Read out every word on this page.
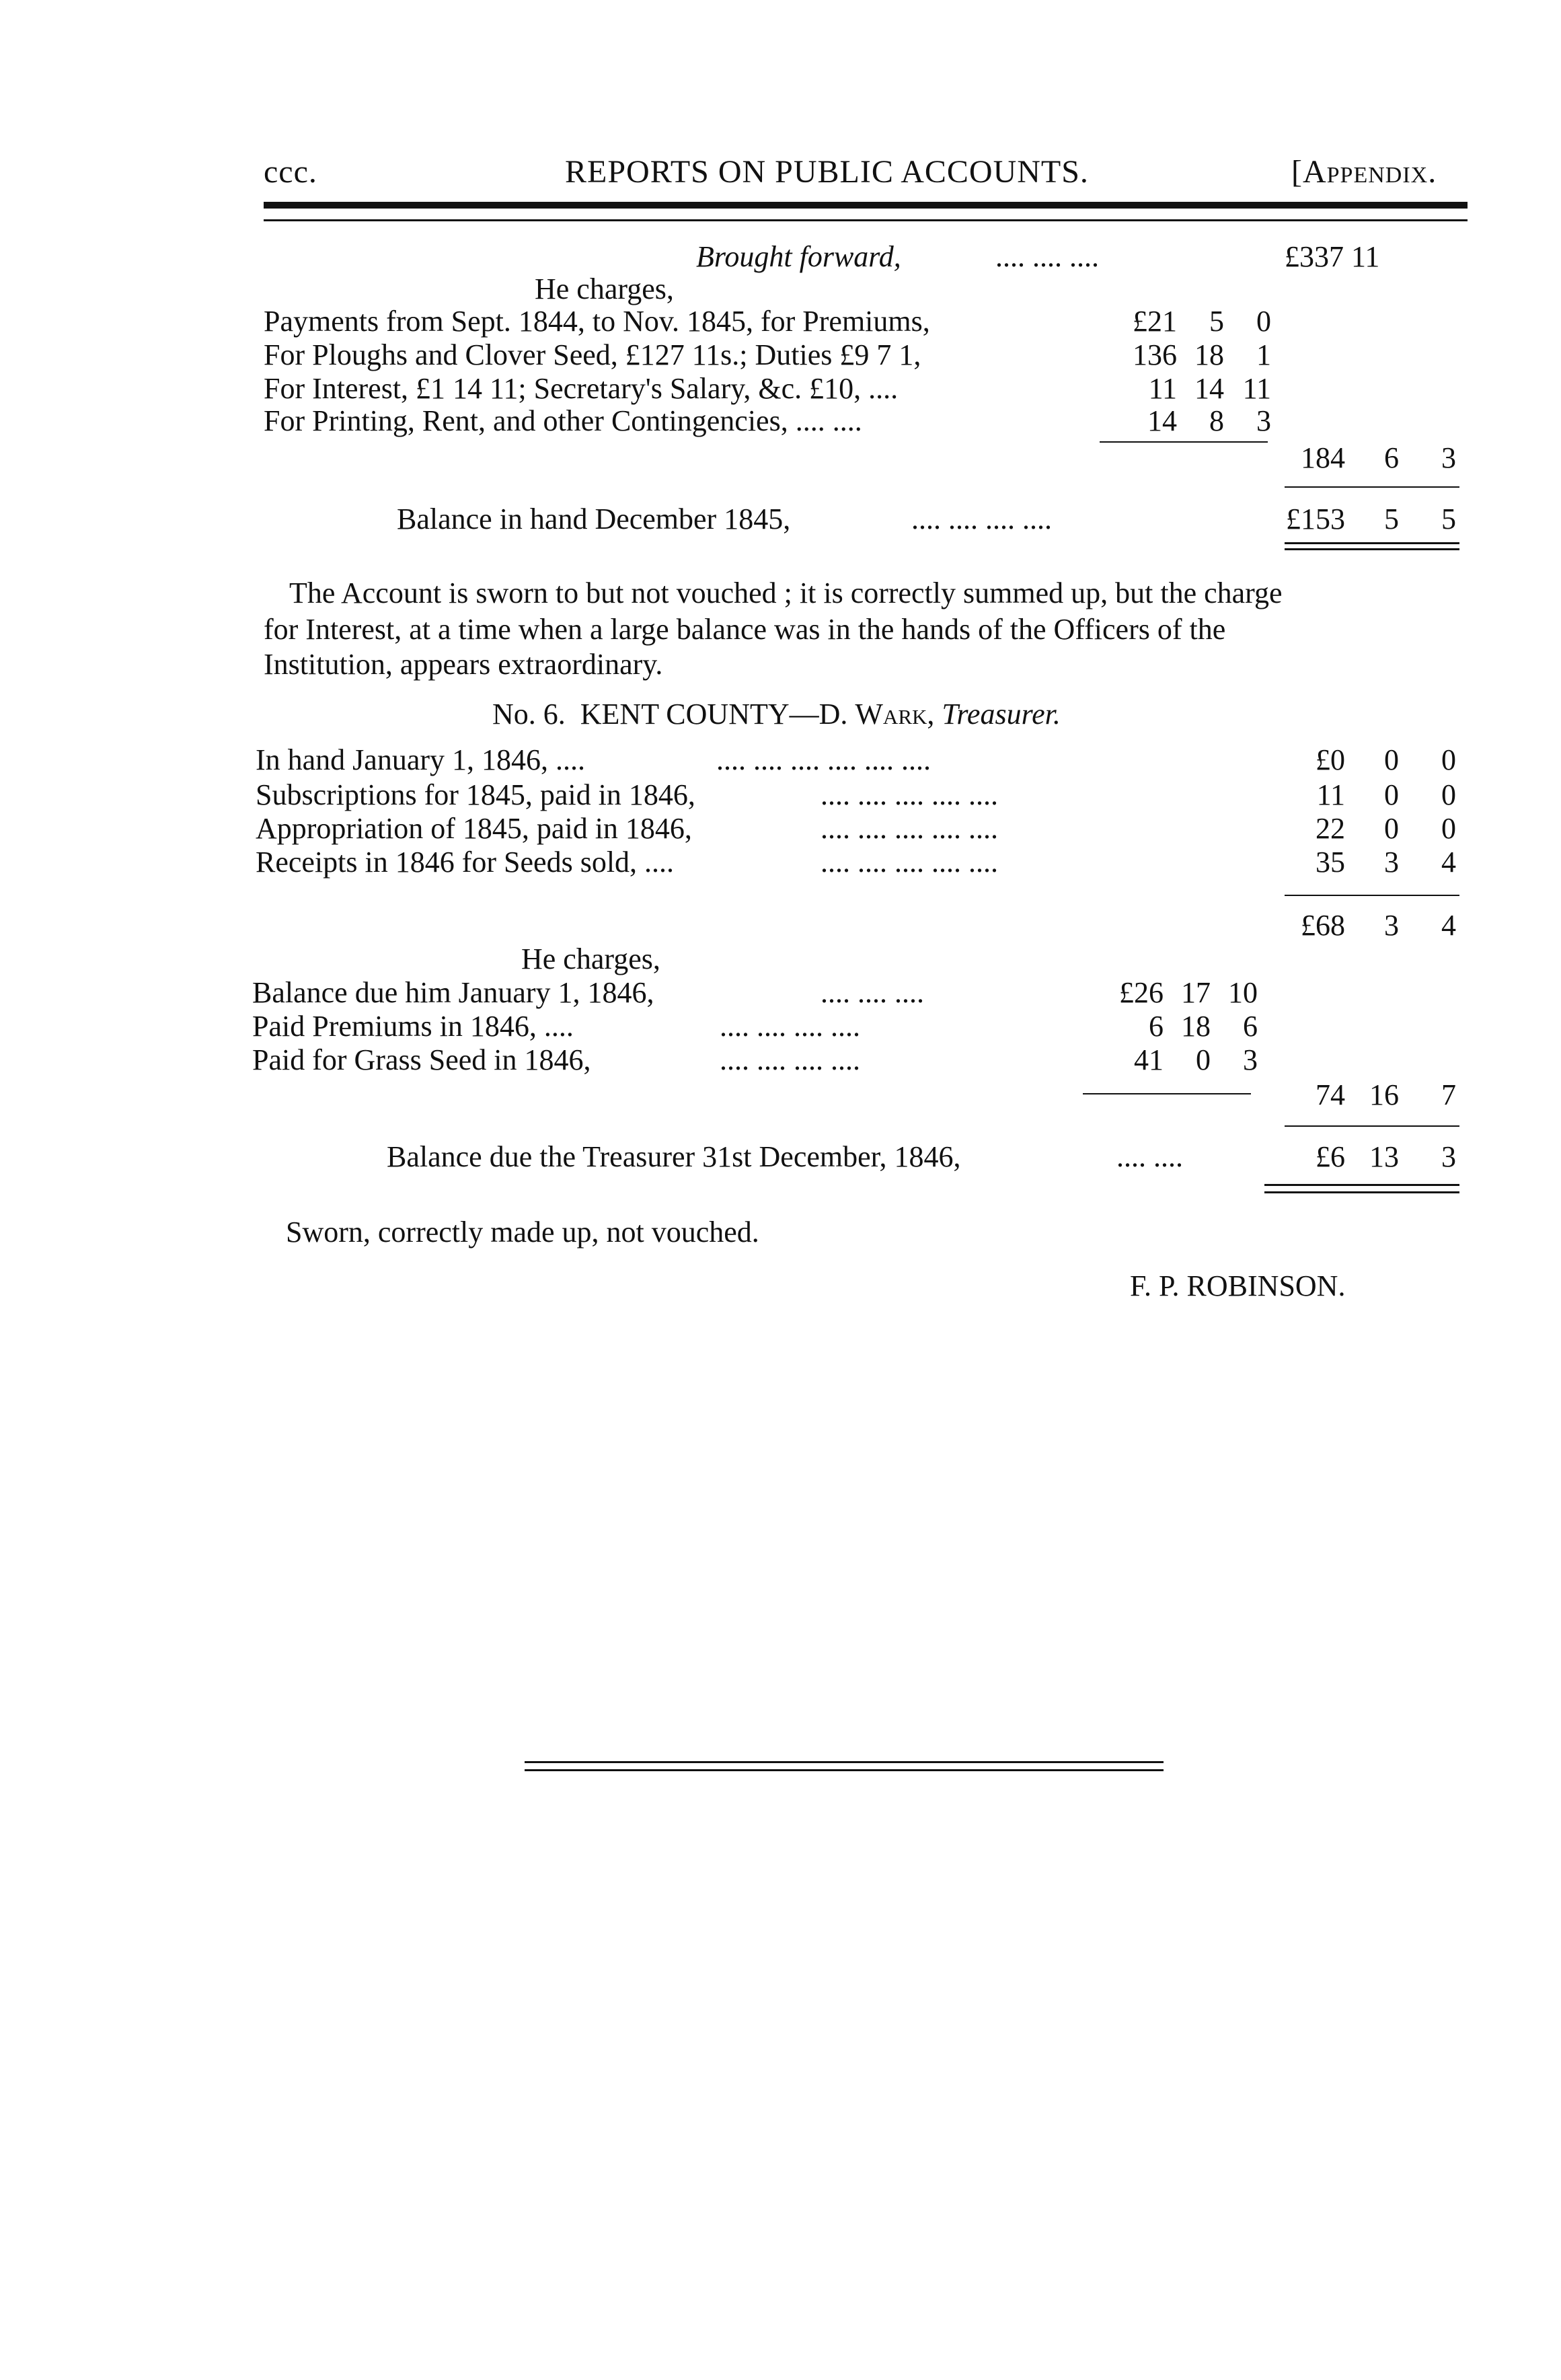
ccc.	REPORTS ON PUBLIC ACCOUNTS.	[Appendix.
Brought forward,	.... .... ....	£337 11
He charges,
Payments from Sept. 1844, to Nov. 1845, for Premiums,	£21	5	0
For Ploughs and Clover Seed, £127 11s.; Duties £9 7 1,	136 18	1
For Interest, £1 14 11; Secretary's Salary, &c. £10, ....	11 14 11
For Printing, Rent, and other Contingencies, .... ....	14	8	3
184	6	3
Balance in hand December 1845,	.... .... .... ....	£153	5	5
The Account is sworn to but not vouched ; it is correctly summed up, but the charge
for Interest, at a time when a large balance was in the hands of the Officers of the
Institution, appears extraordinary.
No. 6. KENT COUNTY—D. Wark, Treasurer.
In hand January 1, 1846, ....	.... .... .... .... .... ....	£0	0	0
Subscriptions for 1845, paid in 1846,	.... .... .... .... ....	11	0	0
Appropriation of 1845, paid in 1846,	.... .... .... .... ....	22	0	0
Receipts in 1846 for Seeds sold, ....	.... .... .... .... ....	35	3	4
£68	3	4
He charges,
Balance due him January 1, 1846,	.... .... ....	£26 17 10
Paid Premiums in 1846, ....	.... .... .... ....	6 18	6
Paid for Grass Seed in 1846,	.... .... .... ....	41	0	3
74 16	7
Balance due the Treasurer 31st December, 1846,	.... ....	£6 13	3
Sworn, correctly made up, not vouched.
F. P. ROBINSON.
